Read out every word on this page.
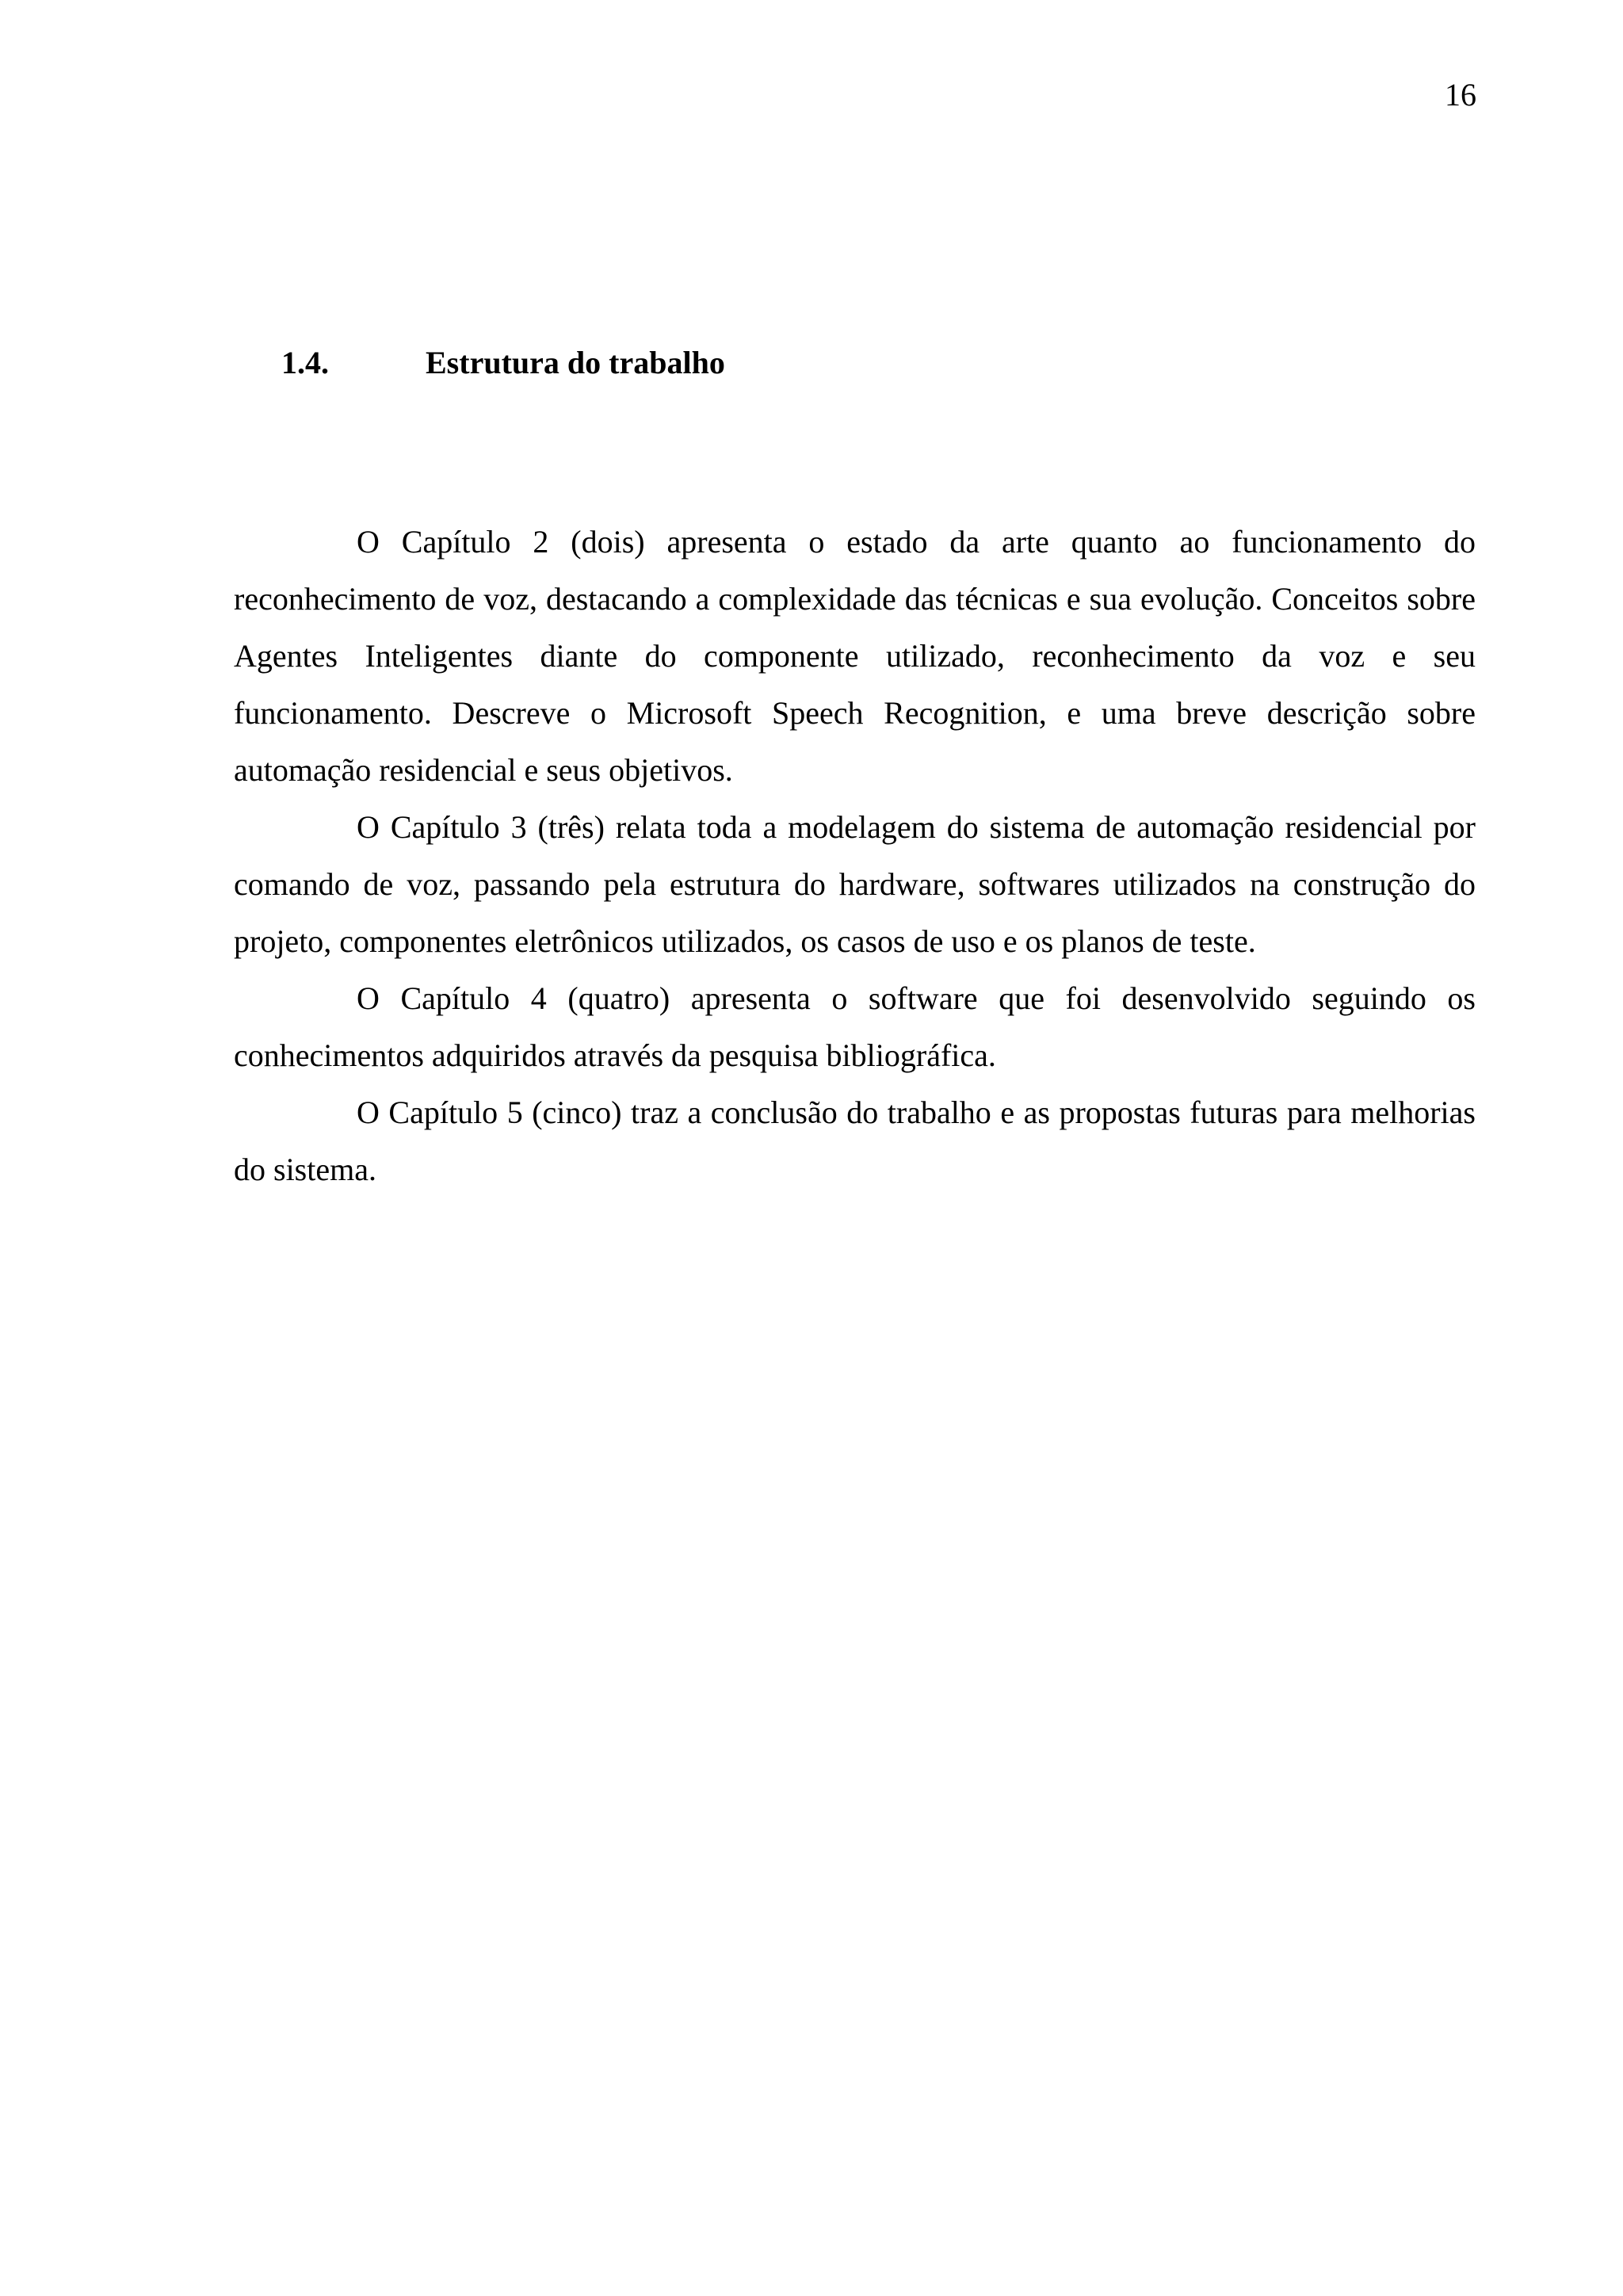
16
1.4.	Estrutura do trabalho

O Capítulo 2 (dois) apresenta o estado da arte quanto ao funcionamento do reconhecimento de voz, destacando a complexidade das técnicas e sua evolução. Conceitos sobre Agentes Inteligentes diante do componente utilizado, reconhecimento da voz e seu funcionamento. Descreve o Microsoft Speech Recognition, e uma breve descrição sobre automação residencial e seus objetivos.

O Capítulo 3 (três) relata toda a modelagem do sistema de automação residencial por comando de voz, passando pela estrutura do hardware, softwares utilizados na construção do projeto, componentes eletrônicos utilizados, os casos de uso e os planos de teste.

O Capítulo 4 (quatro) apresenta o software que foi desenvolvido seguindo os conhecimentos adquiridos através da pesquisa bibliográfica.

O Capítulo 5 (cinco) traz a conclusão do trabalho e as propostas futuras para melhorias do sistema.
